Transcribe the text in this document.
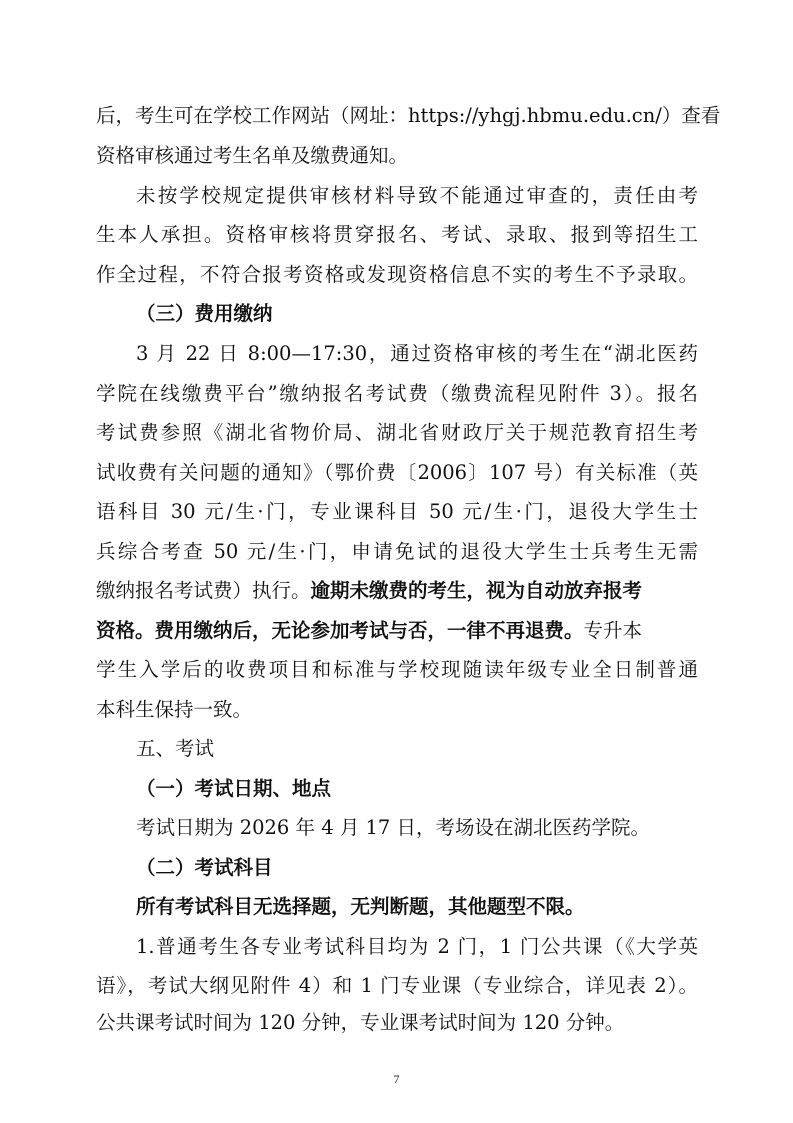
后，考生可在学校工作网站（网址：https://yhgj.hbmu.edu.cn/）查看
资格审核通过考生名单及缴费通知。
未按学校规定提供审核材料导致不能通过审查的，责任由考
生本人承担。资格审核将贯穿报名、考试、录取、报到等招生工
作全过程，不符合报考资格或发现资格信息不实的考生不予录取。
（三）费用缴纳
3 月 22 日 8:00—17:30，通过资格审核的考生在“湖北医药
学院在线缴费平台”缴纳报名考试费（缴费流程见附件 3）。报名
考试费参照《湖北省物价局、湖北省财政厅关于规范教育招生考
试收费有关问题的通知》（鄂价费〔2006〕107 号）有关标准（英
语科目 30 元/生·门，专业课科目 50 元/生·门，退役大学生士
兵综合考查 50 元/生·门，申请免试的退役大学生士兵考生无需
缴纳报名考试费）执行。逾期未缴费的考生，视为自动放弃报考
资格。费用缴纳后，无论参加考试与否，一律不再退费。专升本
学生入学后的收费项目和标准与学校现随读年级专业全日制普通
本科生保持一致。
五、考试
（一）考试日期、地点
考试日期为 2026 年 4 月 17 日，考场设在湖北医药学院。
（二）考试科目
所有考试科目无选择题，无判断题，其他题型不限。
1.普通考生各专业考试科目均为 2 门，1 门公共课（《大学英
语》，考试大纲见附件 4）和 1 门专业课（专业综合，详见表 2）。
公共课考试时间为 120 分钟，专业课考试时间为 120 分钟。
7
